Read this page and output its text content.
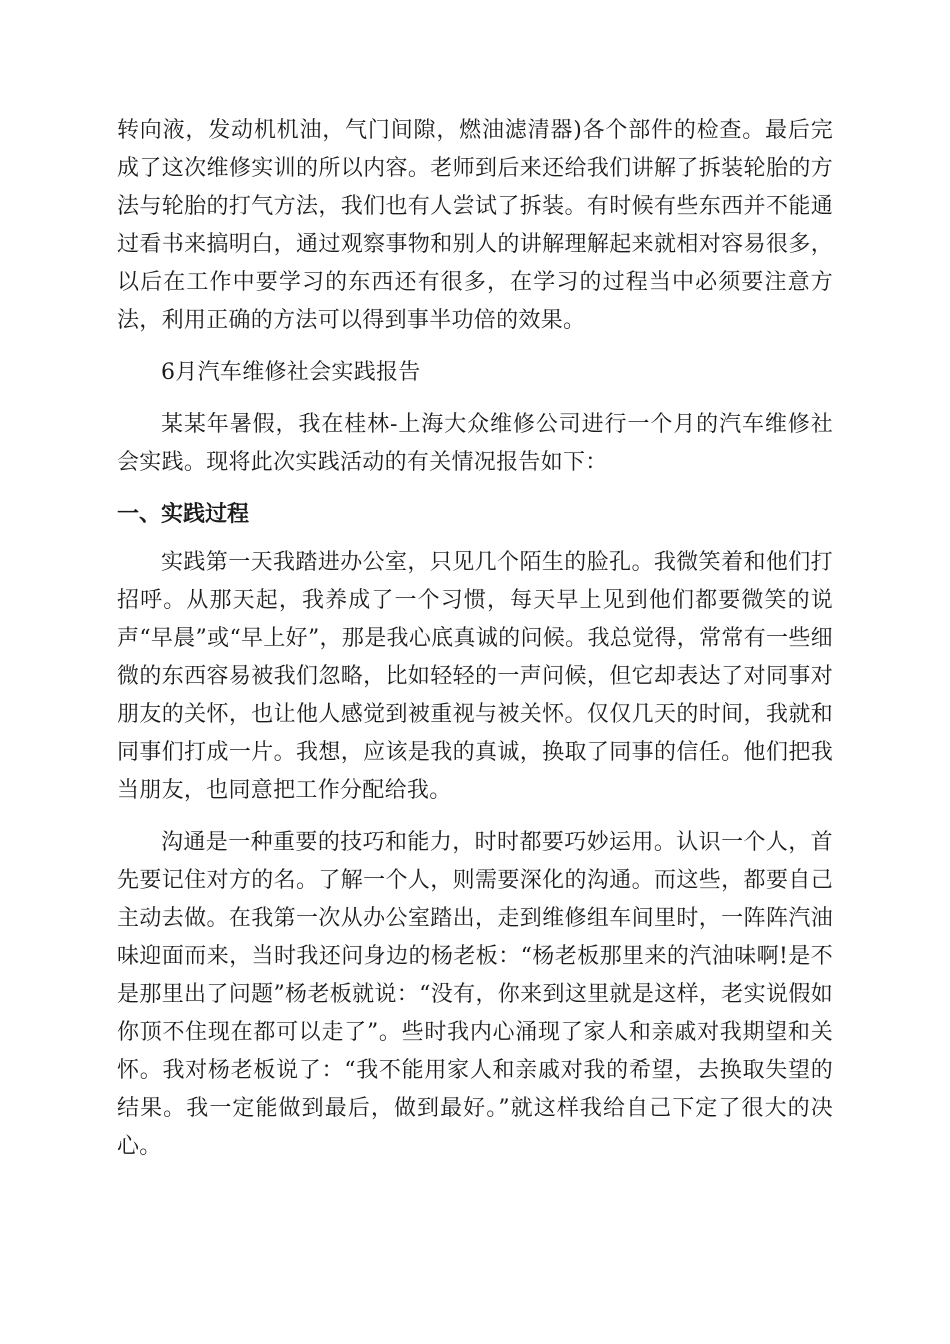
转向液，发动机机油，气门间隙，燃油滤清器)各个部件的检查。最后完成了这次维修实训的所以内容。老师到后来还给我们讲解了拆装轮胎的方法与轮胎的打气方法，我们也有人尝试了拆装。有时候有些东西并不能通过看书来搞明白，通过观察事物和别人的讲解理解起来就相对容易很多，以后在工作中要学习的东西还有很多，在学习的过程当中必须要注意方法，利用正确的方法可以得到事半功倍的效果。

6月汽车维修社会实践报告

某某年暑假，我在桂林-上海大众维修公司进行一个月的汽车维修社会实践。现将此次实践活动的有关情况报告如下：

一、实践过程

实践第一天我踏进办公室，只见几个陌生的脸孔。我微笑着和他们打招呼。从那天起，我养成了一个习惯，每天早上见到他们都要微笑的说声“早晨”或“早上好”，那是我心底真诚的问候。我总觉得，常常有一些细微的东西容易被我们忽略，比如轻轻的一声问候，但它却表达了对同事对朋友的关怀，也让他人感觉到被重视与被关怀。仅仅几天的时间，我就和同事们打成一片。我想，应该是我的真诚，换取了同事的信任。他们把我当朋友，也同意把工作分配给我。

沟通是一种重要的技巧和能力，时时都要巧妙运用。认识一个人，首先要记住对方的名。了解一个人，则需要深化的沟通。而这些，都要自己主动去做。在我第一次从办公室踏出，走到维修组车间里时，一阵阵汽油味迎面而来，当时我还问身边的杨老板：“杨老板那里来的汽油味啊!是不是那里出了问题”杨老板就说：“没有，你来到这里就是这样，老实说假如你顶不住现在都可以走了”。些时我内心涌现了家人和亲戚对我期望和关怀。我对杨老板说了：“我不能用家人和亲戚对我的希望，去换取失望的结果。我一定能做到最后，做到最好。”就这样我给自己下定了很大的决心。
